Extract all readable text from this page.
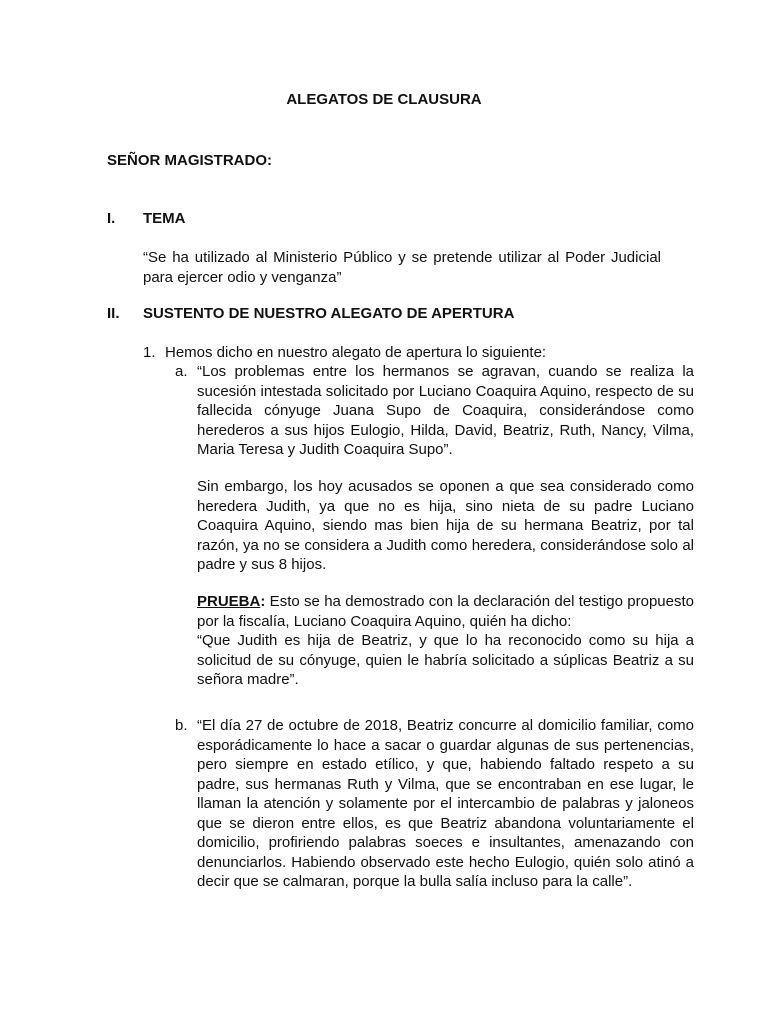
ALEGATOS DE CLAUSURA
SEÑOR MAGISTRADO:
I. TEMA
“Se ha utilizado al Ministerio Público y se pretende utilizar al Poder Judicial para ejercer odio y venganza”
II. SUSTENTO DE NUESTRO ALEGATO DE APERTURA
1. Hemos dicho en nuestro alegato de apertura lo siguiente:
a. “Los problemas entre los hermanos se agravan, cuando se realiza la sucesión intestada solicitado por Luciano Coaquira Aquino, respecto de su fallecida cónyuge Juana Supo de Coaquira, considerándose como herederos a sus hijos Eulogio, Hilda, David, Beatriz, Ruth, Nancy, Vilma, Maria Teresa y Judith Coaquira Supo”.
Sin embargo, los hoy acusados se oponen a que sea considerado como heredera Judith, ya que no es hija, sino nieta de su padre Luciano Coaquira Aquino, siendo mas bien hija de su hermana Beatriz, por tal razón, ya no se considera a Judith como heredera, considerándose solo al padre y sus 8 hijos.
PRUEBA: Esto se ha demostrado con la declaración del testigo propuesto por la fiscalía, Luciano Coaquira Aquino, quién ha dicho:
“Que Judith es hija de Beatriz, y que lo ha reconocido como su hija a solicitud de su cónyuge, quien le habría solicitado a súplicas Beatriz a su señora madre”.
b. “El día 27 de octubre de 2018, Beatriz concurre al domicilio familiar, como esporádicamente lo hace a sacar o guardar algunas de sus pertenencias, pero siempre en estado etílico, y que, habiendo faltado respeto a su padre, sus hermanas Ruth y Vilma, que se encontraban en ese lugar, le llaman la atención y solamente por el intercambio de palabras y jaloneos que se dieron entre ellos, es que Beatriz abandona voluntariamente el domicilio, profiriendo palabras soeces e insultantes, amenazando con denunciarlos. Habiendo observado este hecho Eulogio, quién solo atinó a decir que se calmaran, porque la bulla salía incluso para la calle”.
